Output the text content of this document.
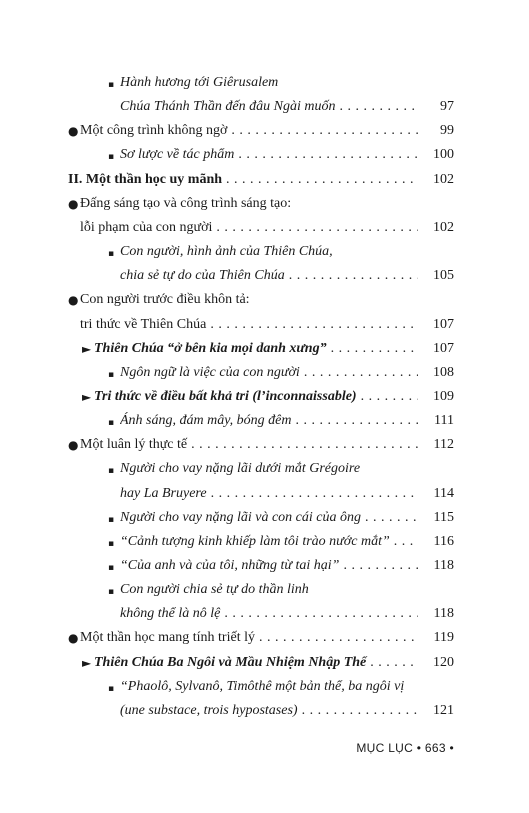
▪ Hành hương tới Giêrusalem
Chúa Thánh Thần đến đâu Ngài muốn . . .	97
● Một công trình không ngờ . . .	99
▪ Sơ lược về tác phẩm . . .	100
II. Một thần học uy mãnh . . .	102
● Đấng sáng tạo và công trình sáng tạo:
lỗi phạm của con người . . .	102
▪ Con người, hình ảnh của Thiên Chúa,
chia sẻ tự do của Thiên Chúa . . .	105
● Con người trước điều khôn tả:
tri thức về Thiên Chúa . . .	107
► Thiên Chúa “ở bên kia mọi danh xưng” . . .	107
▪ Ngôn ngữ là việc của con người . . .	108
► Tri thức về điều bất khả tri (l’inconnaissable) . . .	109
▪ Ánh sáng, đám mây, bóng đêm . . .	111
● Một luân lý thực tế . . .	112
▪ Người cho vay nặng lãi dưới mắt Grégoire
hay La Bruyere . . .	114
▪ Người cho vay nặng lãi và con cái của ông . . .	115
▪ “Cảnh tượng kinh khiếp làm tôi trào nước mắt” . . .	116
▪ “Của anh và của tôi, những từ tai hại” . . .	118
▪ Con người chia sẻ tự do thần linh
không thể là nô lệ . . .	118
● Một thần học mang tính triết lý . . .	119
► Thiên Chúa Ba Ngôi và Mầu Nhiệm Nhập Thể . . .	120
▪ “Phaolô, Sylvanô, Timôthê một bản thể, ba ngôi vị
(une substace, trois hypostases) . . .	121
MỤC LỤC • 663 •
